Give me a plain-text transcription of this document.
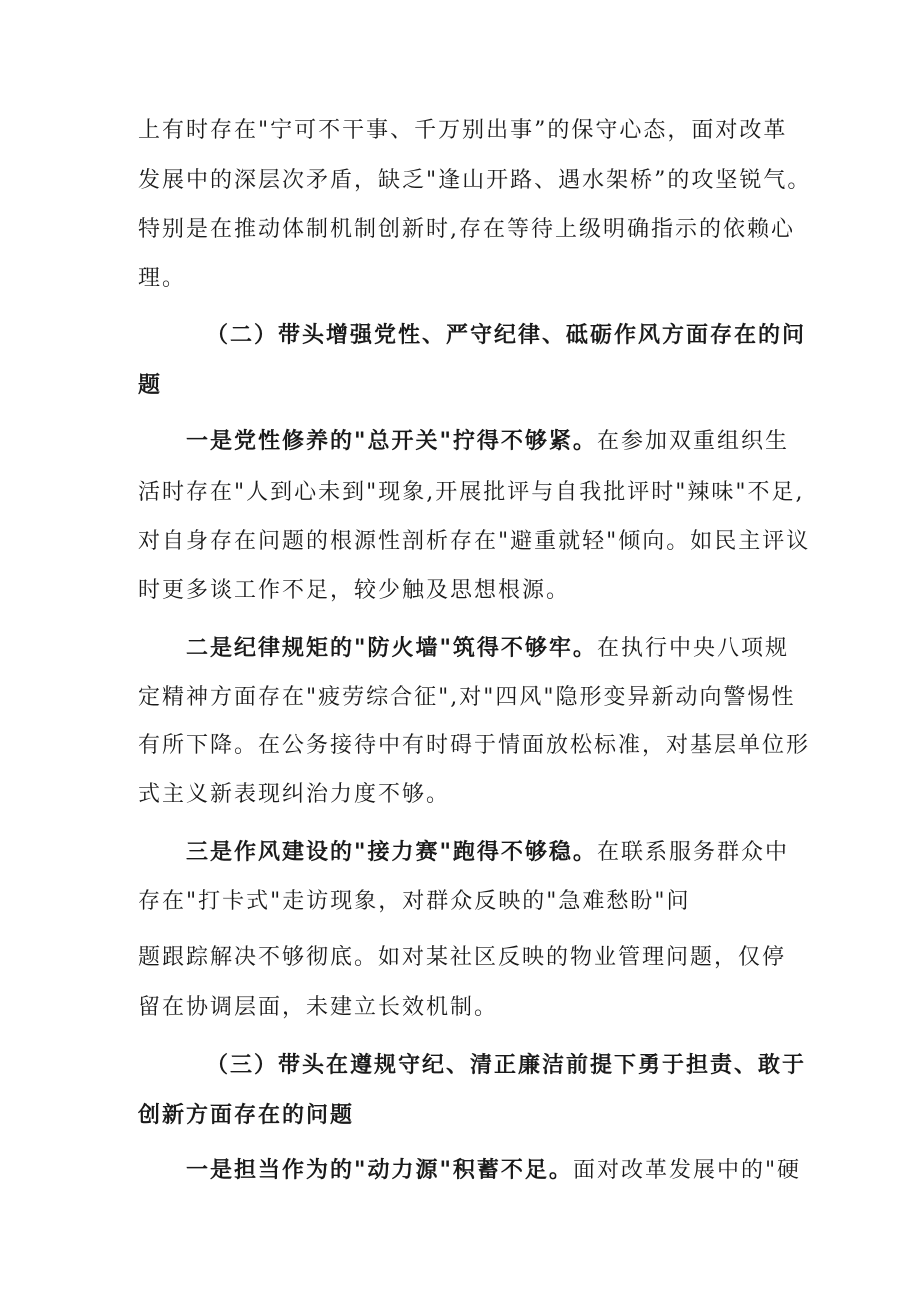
上有时存在"宁可不干事、千万别出事”的保守心态，面对改革
发展中的深层次矛盾，缺乏"逢山开路、遇水架桥”的攻坚锐气。
特别是在推动体制机制创新时,存在等待上级明确指示的依赖心
理。
（二）带头增强党性、严守纪律、砥砺作风方面存在的问
题
一是党性修养的"总开关"拧得不够紧。在参加双重组织生
活时存在"人到心未到"现象,开展批评与自我批评时"辣味"不足,
对自身存在问题的根源性剖析存在"避重就轻"倾向。如民主评议
时更多谈工作不足，较少触及思想根源。
二是纪律规矩的"防火墙"筑得不够牢。在执行中央八项规
定精神方面存在"疲劳综合征",对"四风"隐形变异新动向警惕性
有所下降。在公务接待中有时碍于情面放松标准，对基层单位形
式主义新表现纠治力度不够。
三是作风建设的"接力赛"跑得不够稳。在联系服务群众中
存在"打卡式"走访现象，对群众反映的"急难愁盼"问
题跟踪解决不够彻底。如对某社区反映的物业管理问题，仅停
留在协调层面，未建立长效机制。
（三）带头在遵规守纪、清正廉洁前提下勇于担责、敢于
创新方面存在的问题
一是担当作为的"动力源"积蓄不足。面对改革发展中的"硬
